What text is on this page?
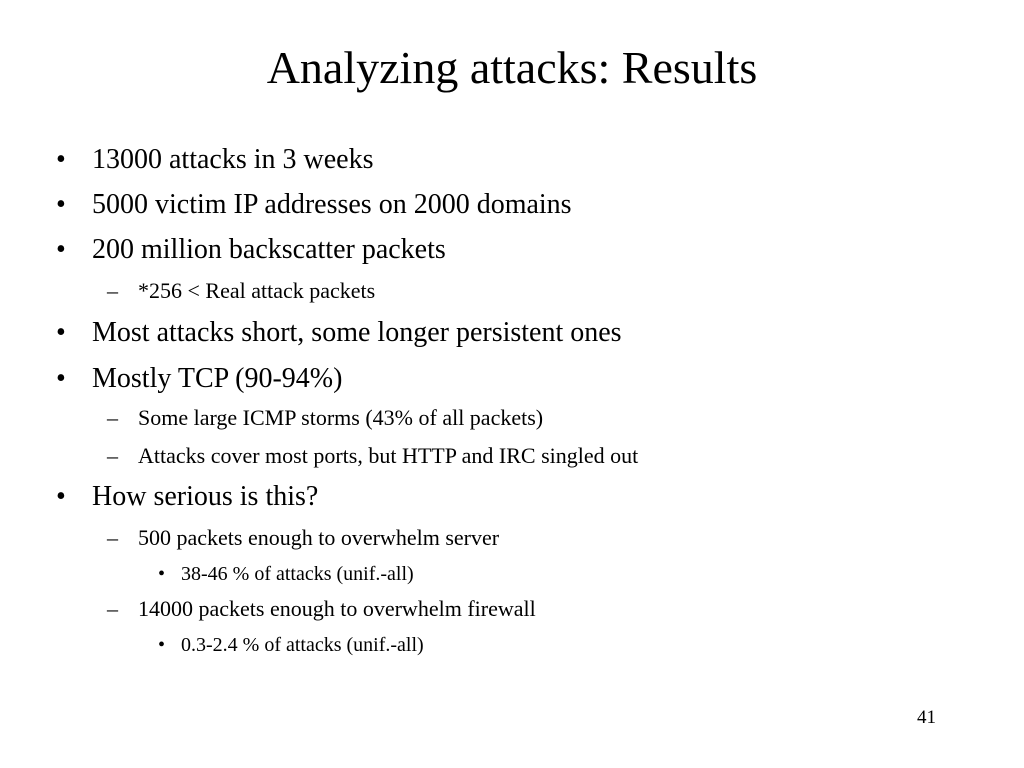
Analyzing attacks: Results
• 13000 attacks in 3 weeks
• 5000 victim IP addresses on 2000 domains
• 200 million backscatter packets
– *256 < Real attack packets
• Most attacks short, some longer persistent ones
• Mostly TCP (90-94%)
– Some large ICMP storms (43% of all packets)
– Attacks cover most ports, but HTTP and IRC singled out
• How serious is this?
– 500 packets enough to overwhelm server
• 38-46 % of attacks (unif.-all)
– 14000 packets enough to overwhelm firewall
• 0.3-2.4 % of attacks (unif.-all)
41
